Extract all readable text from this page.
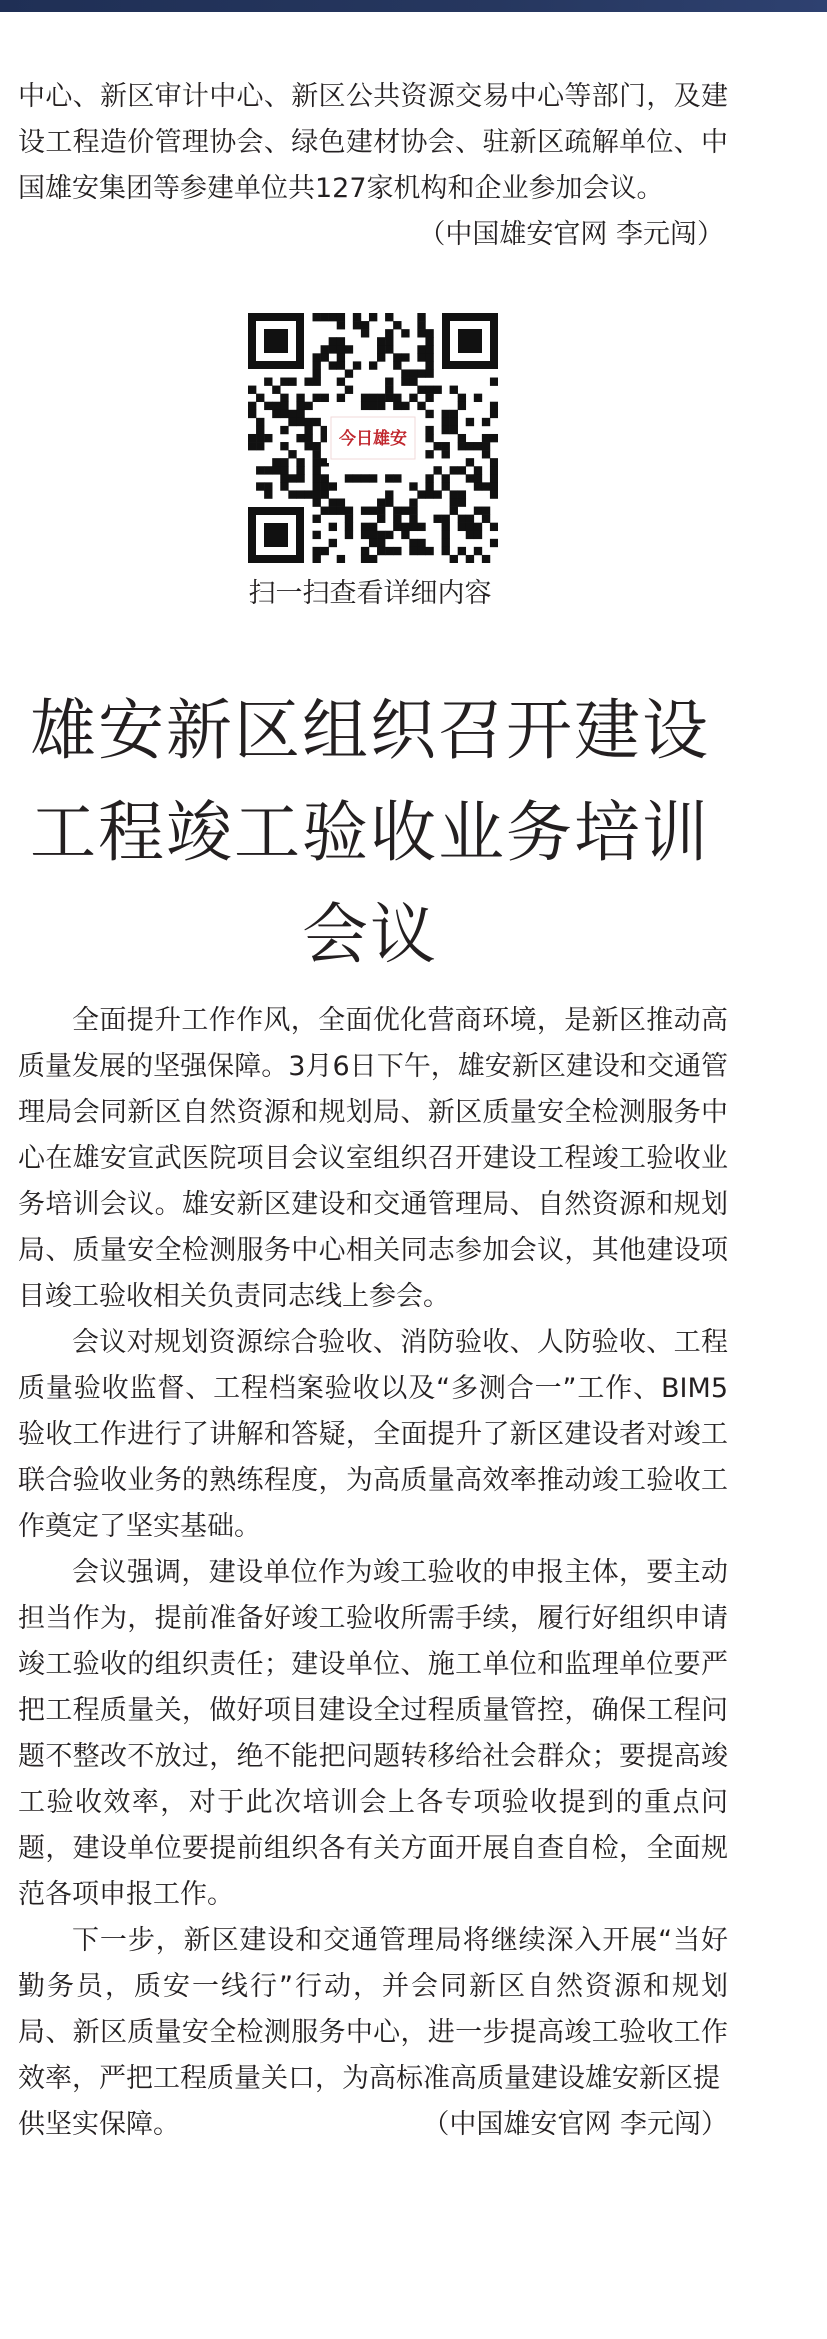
中心、新区审计中心、新区公共资源交易中心等部门，及建设工程造价管理协会、绿色建材协会、驻新区疏解单位、中国雄安集团等参建单位共127家机构和企业参加会议。

（中国雄安官网 李元闯）

今日雄安
扫一扫查看详细内容
雄安新区组织召开建设工程竣工验收业务培训会议

全面提升工作作风，全面优化营商环境，是新区推动高质量发展的坚强保障。3月6日下午，雄安新区建设和交通管理局会同新区自然资源和规划局、新区质量安全检测服务中心在雄安宣武医院项目会议室组织召开建设工程竣工验收业务培训会议。雄安新区建设和交通管理局、自然资源和规划局、质量安全检测服务中心相关同志参加会议，其他建设项目竣工验收相关负责同志线上参会。

会议对规划资源综合验收、消防验收、人防验收、工程质量验收监督、工程档案验收以及“多测合一”工作、BIM5验收工作进行了讲解和答疑，全面提升了新区建设者对竣工联合验收业务的熟练程度，为高质量高效率推动竣工验收工作奠定了坚实基础。

会议强调，建设单位作为竣工验收的申报主体，要主动担当作为，提前准备好竣工验收所需手续，履行好组织申请竣工验收的组织责任；建设单位、施工单位和监理单位要严把工程质量关，做好项目建设全过程质量管控，确保工程问题不整改不放过，绝不能把问题转移给社会群众；要提高竣工验收效率，对于此次培训会上各专项验收提到的重点问题，建设单位要提前组织各有关方面开展自查自检，全面规范各项申报工作。

下一步，新区建设和交通管理局将继续深入开展“当好勤务员，质安一线行”行动，并会同新区自然资源和规划局、新区质量安全检测服务中心，进一步提高竣工验收工作效率，严把工程质量关口，为高标准高质量建设雄安新区提

供坚实保障。	（中国雄安官网 李元闯）
